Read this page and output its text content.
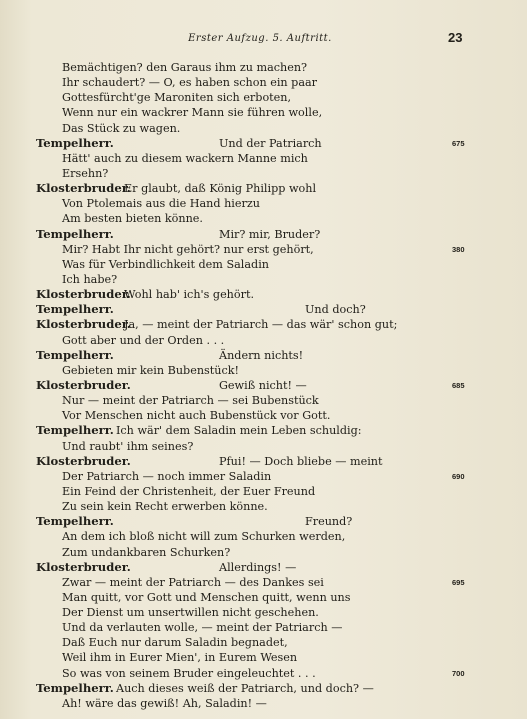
Erster Aufzug. 5. Auftritt.	23
Bemächtigen? den Garaus ihm zu machen?
Ihr schaudert? — O, es haben schon ein paar
Gottesfürcht'ge Maroniten sich erboten,
Wenn nur ein wackrer Mann sie führen wolle,
Das Stück zu wagen.
Tempelherr.	Und der Patriarch	675
Hätt' auch zu diesem wackern Manne mich
Ersehn?
Klosterbruder.
Er glaubt, daß König Philipp wohl
Von Ptolemais aus die Hand hierzu
Am besten bieten könne.
Tempelherr.	Mir? mir, Bruder?
Mir? Habt Ihr nicht gehört? nur erst gehört,	380
Was für Verbindlichkeit dem Saladin
Ich habe?
Klosterbruder.
Wohl hab' ich's gehört.
Tempelherr.	Und doch?
Klosterbruder.
Ja, — meint der Patriarch — das wär' schon gut;
Gott aber und der Orden . . .
Tempelherr.	Ändern nichts!
Gebieten mir kein Bubenstück!
Klosterbruder.	Gewiß nicht! —	685
Nur — meint der Patriarch — sei Bubenstück
Vor Menschen nicht auch Bubenstück vor Gott.
Tempelherr. Ich wär' dem Saladin mein Leben schuldig:
Und raubt' ihm seines?
Klosterbruder.	Pfui! — Doch bliebe — meint
Der Patriarch — noch immer Saladin	690
Ein Feind der Christenheit, der Euer Freund
Zu sein kein Recht erwerben könne.
Tempelherr.	Freund?
An dem ich bloß nicht will zum Schurken werden,
Zum undankbaren Schurken?
Klosterbruder.	Allerdings! —
Zwar — meint der Patriarch — des Dankes sei	695
Man quitt, vor Gott und Menschen quitt, wenn uns
Der Dienst um unsertwillen nicht geschehen.
Und da verlauten wolle, — meint der Patriarch —
Daß Euch nur darum Saladin begnadet,
Weil ihm in Eurer Mien', in Eurem Wesen
So was von seinem Bruder eingeleuchtet . . .	700
Tempelherr. Auch dieses weiß der Patriarch, und doch? —
Ah! wäre das gewiß! Ah, Saladin! —
